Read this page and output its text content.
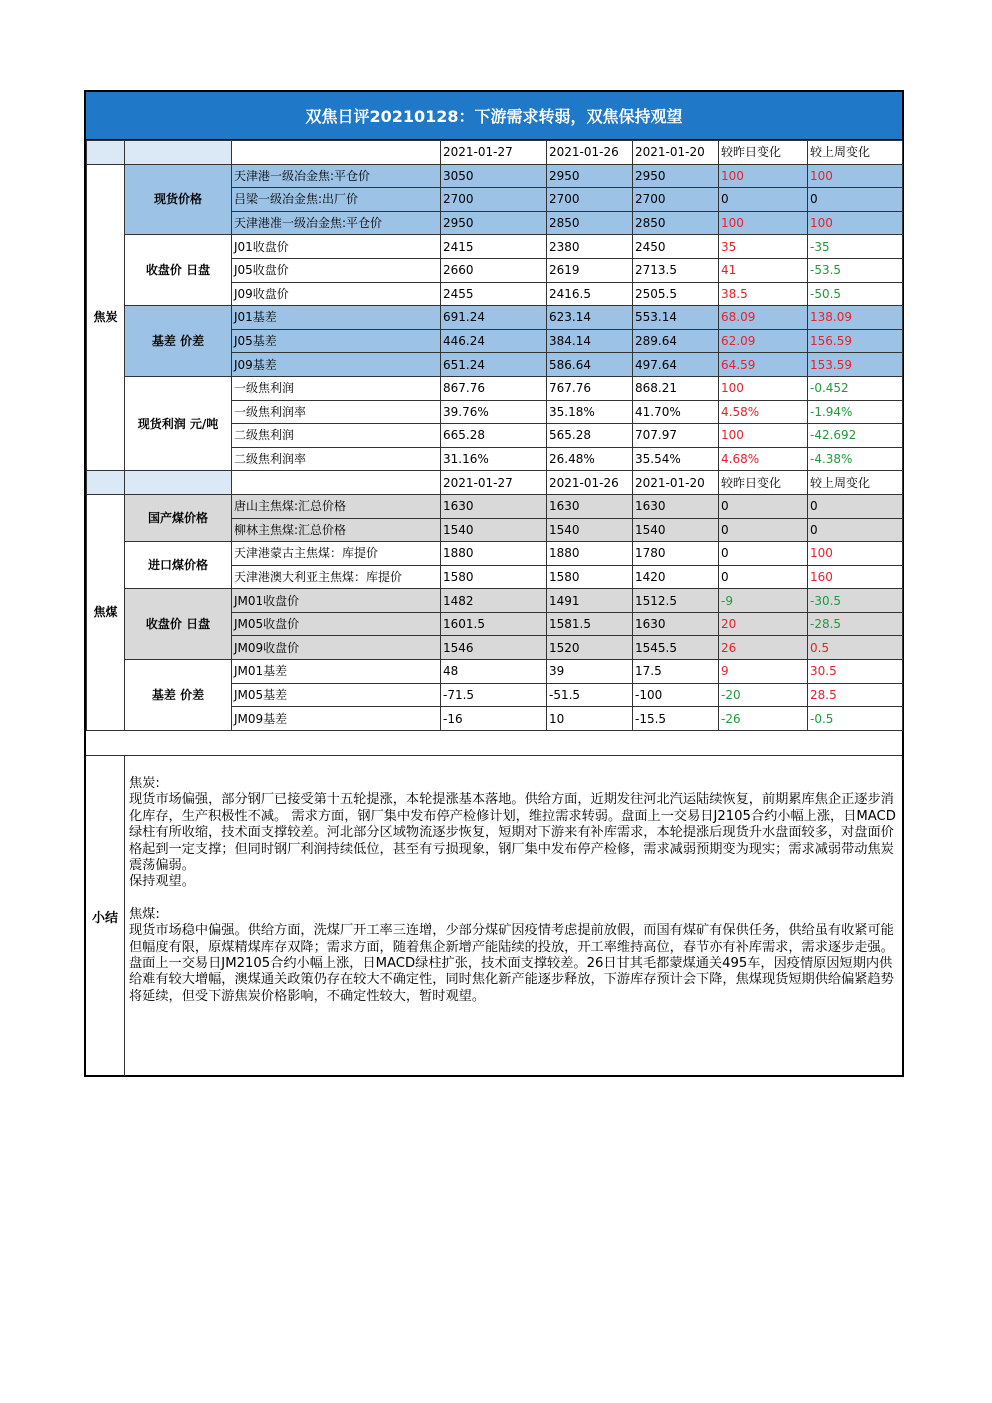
双焦日评20210128：下游需求转弱，双焦保持观望
			2021-01-27	2021-01-26	2021-01-20	较昨日变化	较上周变化
焦炭	现货价格	天津港一级冶金焦:平仓价	3050	2950	2950	100	100
		吕梁一级冶金焦:出厂价	2700	2700	2700	0	0
		天津港准一级冶金焦:平仓价	2950	2850	2850	100	100
	收盘价 日盘	J01收盘价	2415	2380	2450	35	-35
		J05收盘价	2660	2619	2713.5	41	-53.5
		J09收盘价	2455	2416.5	2505.5	38.5	-50.5
	基差 价差	J01基差	691.24	623.14	553.14	68.09	138.09
		J05基差	446.24	384.14	289.64	62.09	156.59
		J09基差	651.24	586.64	497.64	64.59	153.59
	现货利润 元/吨	一级焦利润	867.76	767.76	868.21	100	-0.452
		一级焦利润率	39.76%	35.18%	41.70%	4.58%	-1.94%
		二级焦利润	665.28	565.28	707.97	100	-42.692
		二级焦利润率	31.16%	26.48%	35.54%	4.68%	-4.38%
			2021-01-27	2021-01-26	2021-01-20	较昨日变化	较上周变化
焦煤	国产煤价格	唐山主焦煤:汇总价格	1630	1630	1630	0	0
		柳林主焦煤:汇总价格	1540	1540	1540	0	0
	进口煤价格	天津港蒙古主焦煤：库提价	1880	1880	1780	0	100
		天津港澳大利亚主焦煤：库提价	1580	1580	1420	0	160
	收盘价 日盘	JM01收盘价	1482	1491	1512.5	-9	-30.5
		JM05收盘价	1601.5	1581.5	1630	20	-28.5
		JM09收盘价	1546	1520	1545.5	26	0.5
	基差 价差	JM01基差	48	39	17.5	9	30.5
		JM05基差	-71.5	-51.5	-100	-20	28.5
		JM09基差	-16	10	-15.5	-26	-0.5
小结

焦炭:

现货市场偏强，部分钢厂已接受第十五轮提涨，本轮提涨基本落地。供给方面，近期发往河北汽运陆续恢复，前期累库焦企正逐步消化库存，生产积极性不减。 需求方面，钢厂集中发布停产检修计划，维拉需求转弱。盘面上一交易日J2105合约小幅上涨，日MACD绿柱有所收缩，技术面支撑较差。河北部分区域物流逐步恢复，短期对下游来有补库需求，本轮提涨后现货升水盘面较多，对盘面价格起到一定支撑；但同时钢厂利润持续低位，甚至有亏损现象，钢厂集中发布停产检修，需求减弱预期变为现实；需求减弱带动焦炭震荡偏弱。

保持观望。

焦煤:

现货市场稳中偏强。供给方面，洗煤厂开工率三连增，少部分煤矿因疫情考虑提前放假，而国有煤矿有保供任务，供给虽有收紧可能但幅度有限，原煤精煤库存双降；需求方面，随着焦企新增产能陆续的投放，开工率维持高位，春节亦有补库需求，需求逐步走强。盘面上一交易日JM2105合约小幅上涨，日MACD绿柱扩张，技术面支撑较差。26日甘其毛都蒙煤通关495车，因疫情原因短期内供给难有较大增幅，澳煤通关政策仍存在较大不确定性，同时焦化新产能逐步释放，下游库存预计会下降，焦煤现货短期供给偏紧趋势将延续，但受下游焦炭价格影响，不确定性较大，暂时观望。
